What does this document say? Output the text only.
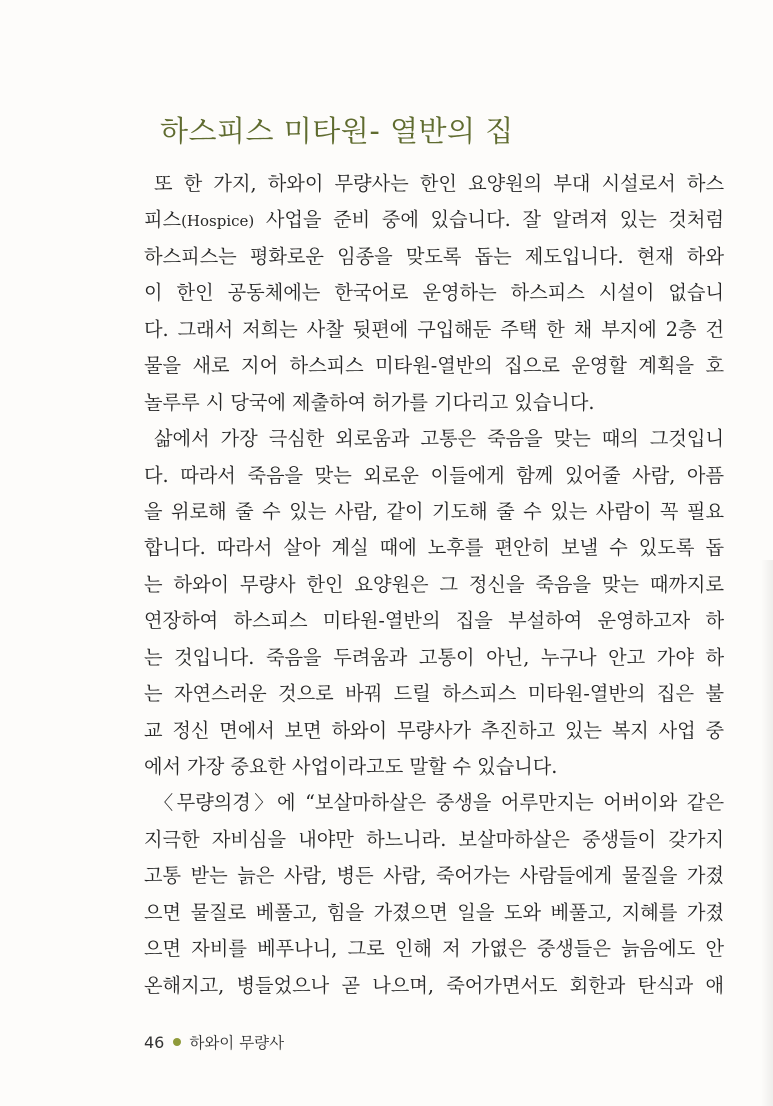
하스피스 미타원- 열반의 집
또 한 가지, 하와이 무량사는 한인 요양원의 부대 시설로서 하스
피스(Hospice) 사업을 준비 중에 있습니다. 잘 알려져 있는 것처럼
하스피스는 평화로운 임종을 맞도록 돕는 제도입니다. 현재 하와
이 한인 공동체에는 한국어로 운영하는 하스피스 시설이 없습니
다. 그래서 저희는 사찰 뒷편에 구입해둔 주택 한 채 부지에 2층 건
물을 새로 지어 하스피스 미타원-열반의 집으로 운영할 계획을 호
놀루루 시 당국에 제출하여 허가를 기다리고 있습니다.
삶에서 가장 극심한 외로움과 고통은 죽음을 맞는 때의 그것입니
다. 따라서 죽음을 맞는 외로운 이들에게 함께 있어줄 사람, 아픔
을 위로해 줄 수 있는 사람, 같이 기도해 줄 수 있는 사람이 꼭 필요
합니다. 따라서 살아 계실 때에 노후를 편안히 보낼 수 있도록 돕
는 하와이 무량사 한인 요양원은 그 정신을 죽음을 맞는 때까지로
연장하여 하스피스 미타원-열반의 집을 부설하여 운영하고자 하
는 것입니다. 죽음을 두려움과 고통이 아닌, 누구나 안고 가야 하
는 자연스러운 것으로 바꿔 드릴 하스피스 미타원-열반의 집은 불
교 정신 면에서 보면 하와이 무량사가 추진하고 있는 복지 사업 중
에서 가장 중요한 사업이라고도 말할 수 있습니다.
〈무량의경〉에 “보살마하살은 중생을 어루만지는 어버이와 같은
지극한 자비심을 내야만 하느니라. 보살마하살은 중생들이 갖가지
고통 받는 늙은 사람, 병든 사람, 죽어가는 사람들에게 물질을 가졌
으면 물질로 베풀고, 힘을 가졌으면 일을 도와 베풀고, 지혜를 가졌
으면 자비를 베푸나니, 그로 인해 저 가엾은 중생들은 늙음에도 안
온해지고, 병들었으나 곧 나으며, 죽어가면서도 회한과 탄식과 애
46 하와이 무량사
